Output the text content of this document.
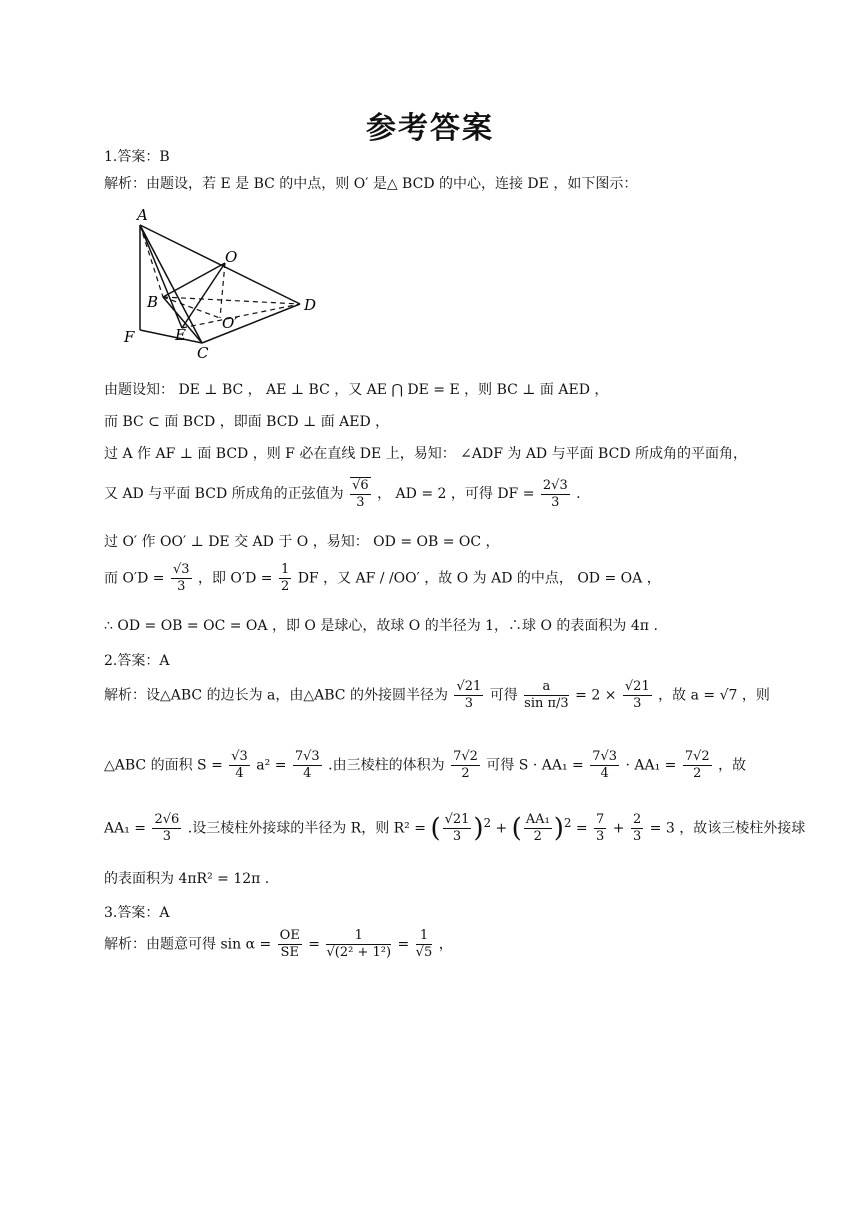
参考答案
1.答案：B
解析：由题设，若 E 是 BC 的中点，则 O′ 是△ BCD 的中心，连接 DE ，如下图示：
A
O
B	D
O′
F	E
C
由题设知： DE ⊥ BC ， AE ⊥ BC ，又 AE ⋂ DE = E ，则 BC ⊥ 面 AED ，
而 BC ⊂ 面 BCD ，即面 BCD ⊥ 面 AED ，
过 A 作 AF ⊥ 面 BCD ，则 F 必在直线 DE 上，易知： ∠ADF 为 AD 与平面 BCD 所成角的平面角，
又 AD 与平面 BCD 所成角的正弦值为 $\frac{√6}{3}$ ， AD = 2 ，可得 DF = $\frac{2√3}{3}$ .
过 O′ 作 OO′ ⊥ DE 交 AD 于 O ，易知： OD = OB = OC ，
而 $O'D = \frac{√3}{3}$ ，即 $O'D = \frac{1}{2}$ DF ，又 AF / /OO′ ，故 O 为 AD 的中点， OD = OA ，
∴ OD = OB = OC = OA ，即 O 是球心，故球 O 的半径为 1，∴球 O 的表面积为 4π .
2.答案：A
解析：设△ABC 的边长为 a，由△ABC 的外接圆半径为 $\frac{√21}{3}$ 可得 $\frac{a}{\text{sin π/3}} = 2 \times \frac{√21}{3}$ ，故 a = √7 ，则
△ABC 的面积 $S = \frac{√3}{4} a^2 = \frac{7√3}{4}$ .由三棱柱的体积为 $\frac{7√2}{2}$ 可得 $S \cdot AA_1 = \frac{7√3}{4} \cdot AA_1 = \frac{7√2}{2}$ ，故
$AA_1 = \frac{2√6}{3}$ .设三棱柱外接球的半径为 R，则 R² = ( $\frac{√21}{3} )^2$ + ( $\frac{\text{AA₁}}{2} )^2 = \frac{7}{3} + \frac{2}{3} = 3$ ，故该三棱柱外接球
的表面积为 4πR² = 12π .
3.答案：A
解析：由题意可得 $\sin \alpha = \frac{OE}{SE} = \frac{1}{\text{√(2² + 1²)}} = \frac{1}{√5}$ ，
